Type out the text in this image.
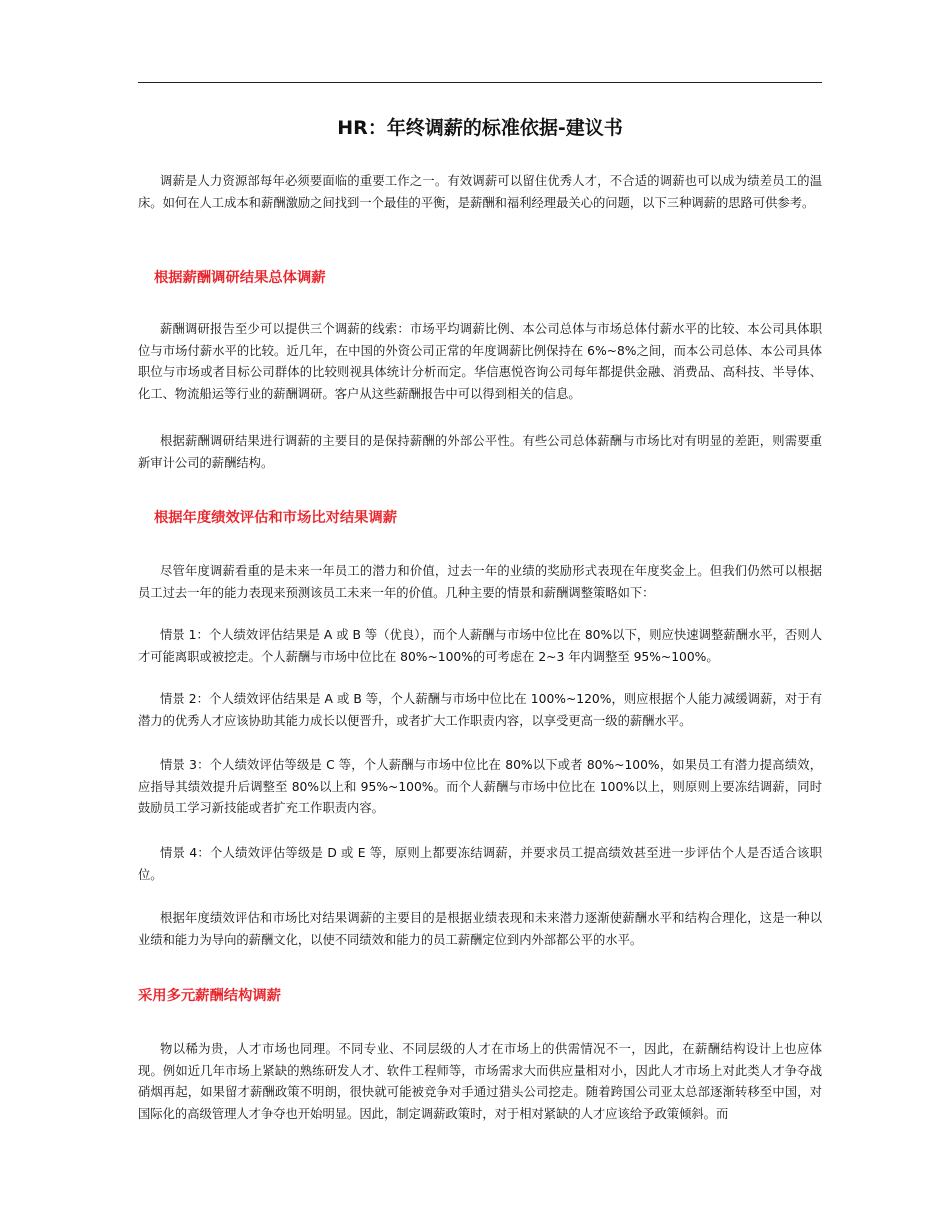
HR：年终调薪的标准依据-建议书

调薪是人力资源部每年必须要面临的重要工作之一。有效调薪可以留住优秀人才，不合适的调薪也可以成为绩差员工的温床。如何在人工成本和薪酬激励之间找到一个最佳的平衡，是薪酬和福利经理最关心的问题，以下三种调薪的思路可供参考。

根据薪酬调研结果总体调薪

薪酬调研报告至少可以提供三个调薪的线索：市场平均调薪比例、本公司总体与市场总体付薪水平的比较、本公司具体职位与市场付薪水平的比较。近几年，在中国的外资公司正常的年度调薪比例保持在 6%~8%之间，而本公司总体、本公司具体职位与市场或者目标公司群体的比较则视具体统计分析而定。华信惠悦咨询公司每年都提供金融、消费品、高科技、半导体、化工、物流船运等行业的薪酬调研。客户从这些薪酬报告中可以得到相关的信息。

根据薪酬调研结果进行调薪的主要目的是保持薪酬的外部公平性。有些公司总体薪酬与市场比对有明显的差距，则需要重新审计公司的薪酬结构。

根据年度绩效评估和市场比对结果调薪

尽管年度调薪看重的是未来一年员工的潜力和价值，过去一年的业绩的奖励形式表现在年度奖金上。但我们仍然可以根据员工过去一年的能力表现来预测该员工未来一年的价值。几种主要的情景和薪酬调整策略如下：

情景 1：个人绩效评估结果是 A 或 B 等（优良），而个人薪酬与市场中位比在 80%以下，则应快速调整薪酬水平，否则人才可能离职或被挖走。个人薪酬与市场中位比在 80%~100%的可考虑在 2~3 年内调整至 95%~100%。

情景 2：个人绩效评估结果是 A 或 B 等，个人薪酬与市场中位比在 100%~120%，则应根据个人能力减缓调薪，对于有潜力的优秀人才应该协助其能力成长以便晋升，或者扩大工作职责内容，以享受更高一级的薪酬水平。

情景 3：个人绩效评估等级是 C 等，个人薪酬与市场中位比在 80%以下或者 80%~100%，如果员工有潜力提高绩效，应指导其绩效提升后调整至 80%以上和 95%~100%。而个人薪酬与市场中位比在 100%以上，则原则上要冻结调薪，同时鼓励员工学习新技能或者扩充工作职责内容。

情景 4：个人绩效评估等级是 D 或 E 等，原则上都要冻结调薪，并要求员工提高绩效甚至进一步评估个人是否适合该职位。

根据年度绩效评估和市场比对结果调薪的主要目的是根据业绩表现和未来潜力逐渐使薪酬水平和结构合理化，这是一种以业绩和能力为导向的薪酬文化，以使不同绩效和能力的员工薪酬定位到内外部都公平的水平。

采用多元薪酬结构调薪

物以稀为贵，人才市场也同理。不同专业、不同层级的人才在市场上的供需情况不一，因此，在薪酬结构设计上也应体现。例如近几年市场上紧缺的熟练研发人才、软件工程师等，市场需求大而供应量相对小，因此人才市场上对此类人才争夺战硝烟再起，如果留才薪酬政策不明朗，很快就可能被竞争对手通过猎头公司挖走。随着跨国公司亚太总部逐渐转移至中国，对国际化的高级管理人才争夺也开始明显。因此，制定调薪政策时，对于相对紧缺的人才应该给予政策倾斜。而
